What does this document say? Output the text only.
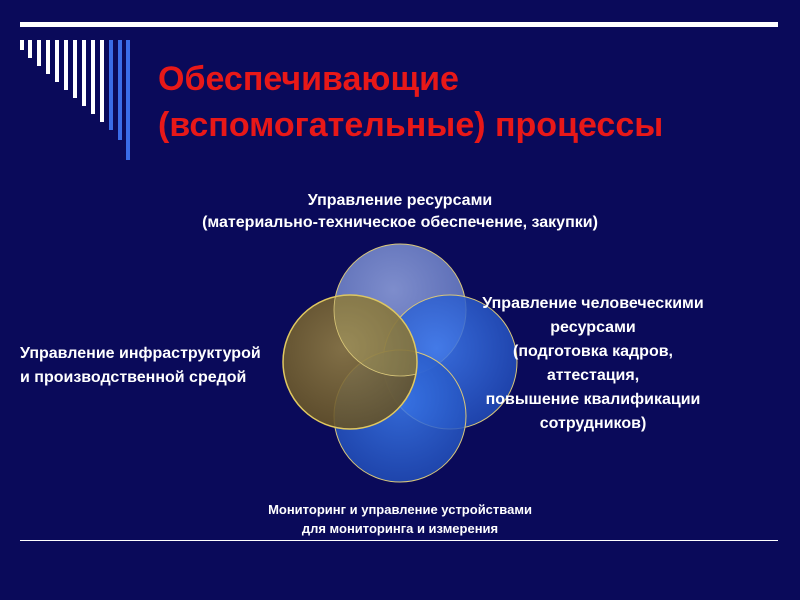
Обеспечивающие
(вспомогательные) процессы
Управление ресурсами
(материально-техническое обеспечение, закупки)
Управление инфраструктурой
и производственной средой
Управление человеческими
ресурсами
(подготовка кадров,
аттестация,
повышение квалификации
сотрудников)
Мониторинг и управление устройствами
для мониторинга и измерения
